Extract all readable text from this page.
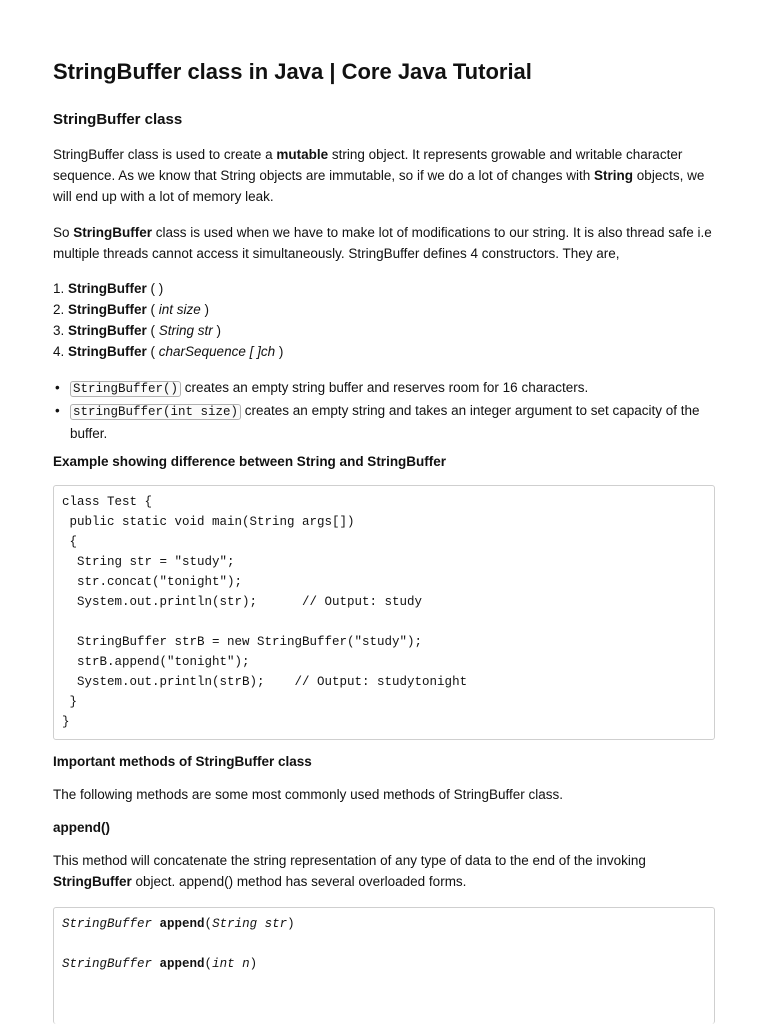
StringBuffer class in Java | Core Java Tutorial
StringBuffer class

StringBuffer class is used to create a mutable string object. It represents growable and writable character sequence. As we know that String objects are immutable, so if we do a lot of changes with String objects, we will end up with a lot of memory leak.

So StringBuffer class is used when we have to make lot of modifications to our string. It is also thread safe i.e multiple threads cannot access it simultaneously. StringBuffer defines 4 constructors. They are,

1. StringBuffer ( )
2. StringBuffer ( int size )
3. StringBuffer ( String str )
4. StringBuffer ( charSequence [ ]ch )
• StringBuffer() creates an empty string buffer and reserves room for 16 characters.
• stringBuffer(int size) creates an empty string and takes an integer argument to set capacity of the buffer.
Example showing difference between String and StringBuffer
class Test {
public static void main(String args[])
{
String str = "study";
str.concat("tonight");
System.out.println(str);      // Output: study
StringBuffer strB = new StringBuffer("study");
strB.append("tonight");
System.out.println(strB);    // Output: studytonight
}
}
Important methods of StringBuffer class

The following methods are some most commonly used methods of StringBuffer class.

append()

This method will concatenate the string representation of any type of data to the end of the invoking StringBuffer object. append() method has several overloaded forms.

StringBuffer append(String str)
StringBuffer append(int n)
